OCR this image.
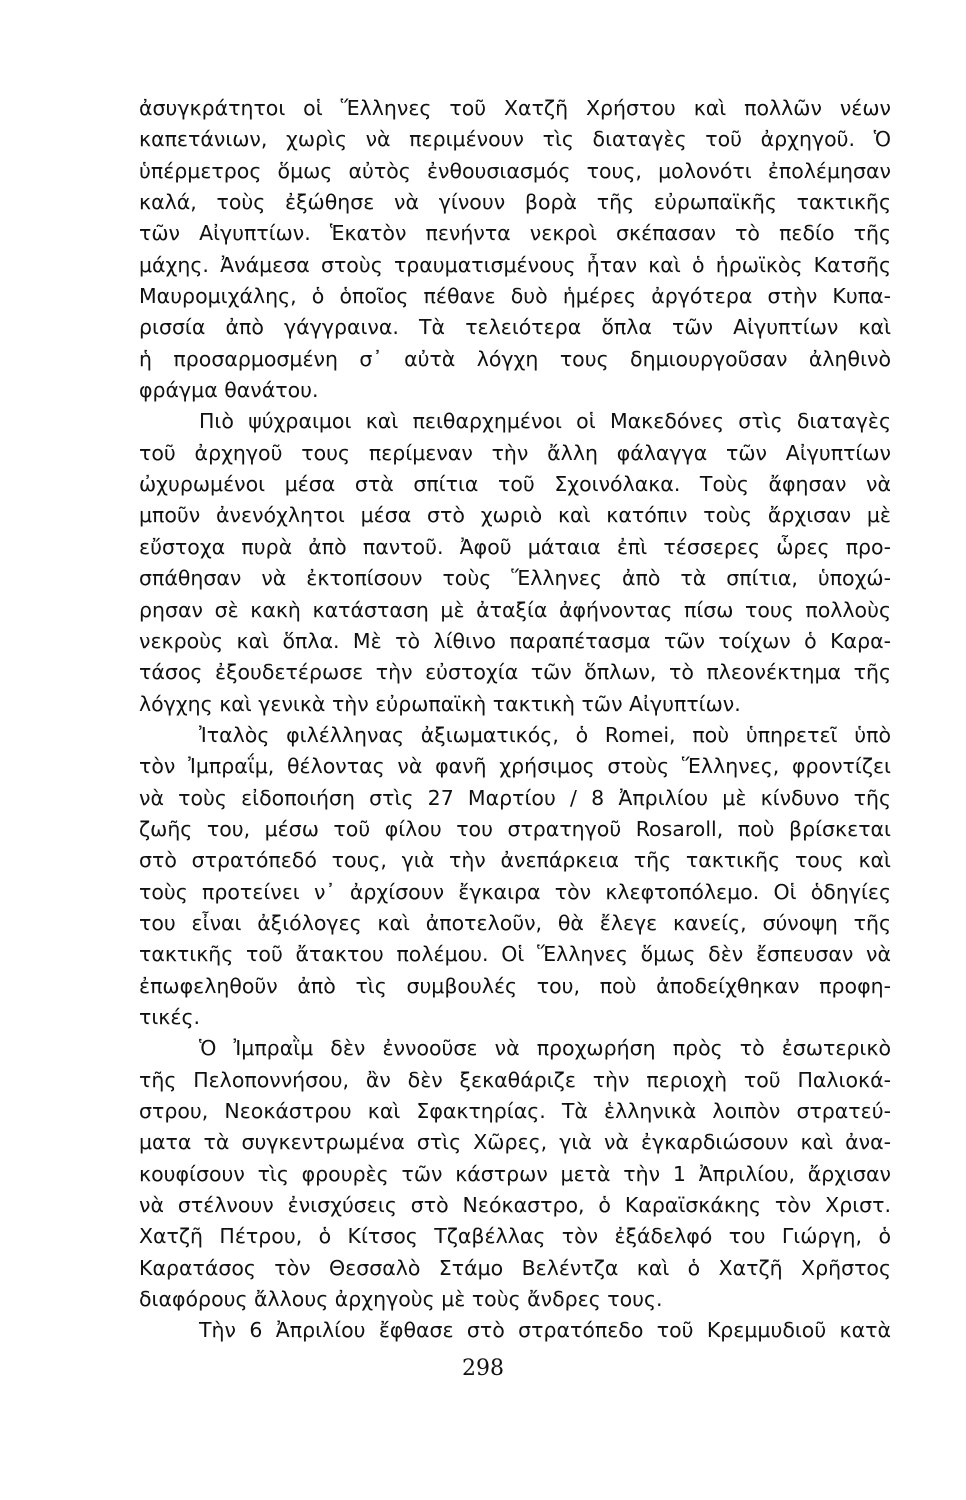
ἀσυγκράτητοι οἱ Ἕλληνες τοῦ Χατζῆ Χρήστου καὶ πολλῶν νέων
καπετάνιων, χωρὶς νὰ περιμένουν τὶς διαταγὲς τοῦ ἀρχηγοῦ. Ὁ
ὑπέρμετρος ὅμως αὐτὸς ἐνθουσιασμός τους, μολονότι ἐπολέμησαν
καλά, τοὺς ἐξώθησε νὰ γίνουν βορὰ τῆς εὐρωπαϊκῆς τακτικῆς
τῶν Αἰγυπτίων. Ἑκατὸν πενήντα νεκροὶ σκέπασαν τὸ πεδίο τῆς
μάχης. Ἀνάμεσα στοὺς τραυματισμένους ἦταν καὶ ὁ ἡρωϊκὸς Κατσῆς
Μαυρομιχάλης, ὁ ὁποῖος πέθανε δυὸ ἡμέρες ἀργότερα στὴν Κυπα-
ρισσία ἀπὸ γάγγραινα. Τὰ τελειότερα ὅπλα τῶν Αἰγυπτίων καὶ
ἡ προσαρμοσμένη σ᾽ αὐτὰ λόγχη τους δημιουργοῦσαν ἀληθινὸ
φράγμα θανάτου.
Πιὸ ψύχραιμοι καὶ πειθαρχημένοι οἱ Μακεδόνες στὶς διαταγὲς
τοῦ ἀρχηγοῦ τους περίμεναν τὴν ἄλλη φάλαγγα τῶν Αἰγυπτίων
ὠχυρωμένοι μέσα στὰ σπίτια τοῦ Σχοινόλακα. Τοὺς ἄφησαν νὰ
μποῦν ἀνενόχλητοι μέσα στὸ χωριὸ καὶ κατόπιν τοὺς ἄρχισαν μὲ
εὔστοχα πυρὰ ἀπὸ παντοῦ. Ἀφοῦ μάταια ἐπὶ τέσσερες ὧρες προ-
σπάθησαν νὰ ἐκτοπίσουν τοὺς Ἕλληνες ἀπὸ τὰ σπίτια, ὑποχώ-
ρησαν σὲ κακὴ κατάσταση μὲ ἀταξία ἀφήνοντας πίσω τους πολλοὺς
νεκροὺς καὶ ὅπλα. Μὲ τὸ λίθινο παραπέτασμα τῶν τοίχων ὁ Καρα-
τάσος ἐξουδετέρωσε τὴν εὐστοχία τῶν ὅπλων, τὸ πλεονέκτημα τῆς
λόγχης καὶ γενικὰ τὴν εὐρωπαϊκὴ τακτικὴ τῶν Αἰγυπτίων.
Ἰταλὸς φιλέλληνας ἀξιωματικός, ὁ Romei, ποὺ ὑπηρετεῖ ὑπὸ
τὸν Ἰμπραΐμ, θέλοντας νὰ φανῆ χρήσιμος στοὺς Ἕλληνες, φροντίζει
νὰ τοὺς εἰδοποιήση στὶς 27 Μαρτίου / 8 Ἀπριλίου μὲ κίνδυνο τῆς
ζωῆς του, μέσω τοῦ φίλου του στρατηγοῦ Rosaroll, ποὺ βρίσκεται
στὸ στρατόπεδό τους, γιὰ τὴν ἀνεπάρκεια τῆς τακτικῆς τους καὶ
τοὺς προτείνει ν᾽ ἀρχίσουν ἔγκαιρα τὸν κλεφτοπόλεμο. Οἱ ὁδηγίες
του εἶναι ἀξιόλογες καὶ ἀποτελοῦν, θὰ ἔλεγε κανείς, σύνοψη τῆς
τακτικῆς τοῦ ἄτακτου πολέμου. Οἱ Ἕλληνες ὅμως δὲν ἔσπευσαν νὰ
ἐπωφεληθοῦν ἀπὸ τὶς συμβουλές του, ποὺ ἀποδείχθηκαν προφη-
τικές.
Ὁ Ἰμπραῒμ δὲν ἐννοοῦσε νὰ προχωρήση πρὸς τὸ ἐσωτερικὸ
τῆς Πελοποννήσου, ἂν δὲν ξεκαθάριζε τὴν περιοχὴ τοῦ Παλιοκά-
στρου, Νεοκάστρου καὶ Σφακτηρίας. Τὰ ἑλληνικὰ λοιπὸν στρατεύ-
ματα τὰ συγκεντρωμένα στὶς Χῶρες, γιὰ νὰ ἐγκαρδιώσουν καὶ ἀνα-
κουφίσουν τὶς φρουρὲς τῶν κάστρων μετὰ τὴν 1 Ἀπριλίου, ἄρχισαν
νὰ στέλνουν ἐνισχύσεις στὸ Νεόκαστρο, ὁ Καραϊσκάκης τὸν Χριστ.
Χατζῆ Πέτρου, ὁ Κίτσος Τζαβέλλας τὸν ἐξάδελφό του Γιώργη, ὁ
Καρατάσος τὸν Θεσσαλὸ Στάμο Βελέντζα καὶ ὁ Χατζῆ Χρῆστος
διαφόρους ἄλλους ἀρχηγοὺς μὲ τοὺς ἄνδρες τους.
Τὴν 6 Ἀπριλίου ἔφθασε στὸ στρατόπεδο τοῦ Κρεμμυδιοῦ κατὰ
298
